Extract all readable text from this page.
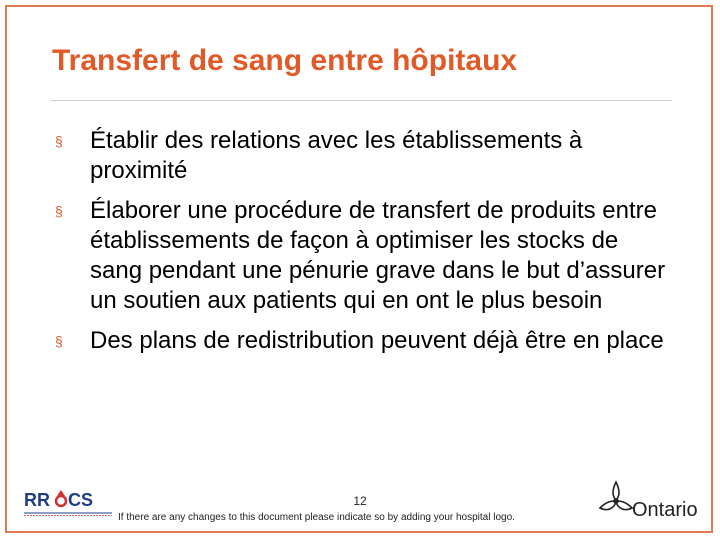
Transfert de sang entre hôpitaux
§ Établir des relations avec les établissements à proximité
§ Élaborer une procédure de transfert de produits entre établissements de façon à optimiser les stocks de sang pendant une pénurie grave dans le but d’assurer un soutien aux patients qui en ont le plus besoin
§ Des plans de redistribution peuvent déjà être en place
RR CS	12
If there are any changes to this document please indicate so by adding your hospital logo.	Ontario
